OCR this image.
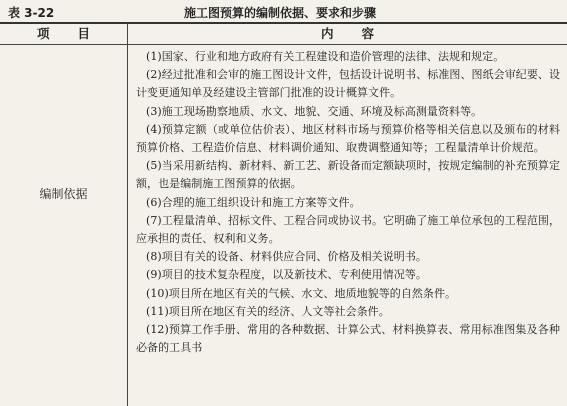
表 3-22	施工图预算的编制依据、要求和步骤
项目	内容
编制依据

(1)国家、行业和地方政府有关工程建设和造价管理的法律、法规和规定。

(2)经过批准和会审的施工图设计文件，包括设计说明书、标准图、图纸会审纪要、设计变更通知单及经建设主管部门批准的设计概算文件。

(3)施工现场勘察地质、水文、地貌、交通、环境及标高测量资料等。

(4)预算定额（或单位估价表）、地区材料市场与预算价格等相关信息以及颁布的材料预算价格、工程造价信息、材料调价通知、取费调整通知等；工程量清单计价规范。

(5)当采用新结构、新材料、新工艺、新设备而定额缺项时，按规定编制的补充预算定额，也是编制施工图预算的依据。

(6)合理的施工组织设计和施工方案等文件。

(7)工程量清单、招标文件、工程合同或协议书。它明确了施工单位承包的工程范围，应承担的责任、权利和义务。

(8)项目有关的设备、材料供应合同、价格及相关说明书。

(9)项目的技术复杂程度，以及新技术、专利使用情况等。

(10)项目所在地区有关的气候、水文、地质地貌等的自然条件。

(11)项目所在地区有关的经济、人文等社会条件。

(12)预算工作手册、常用的各种数据、计算公式、材料换算表、常用标准图集及各种必备的工具书
